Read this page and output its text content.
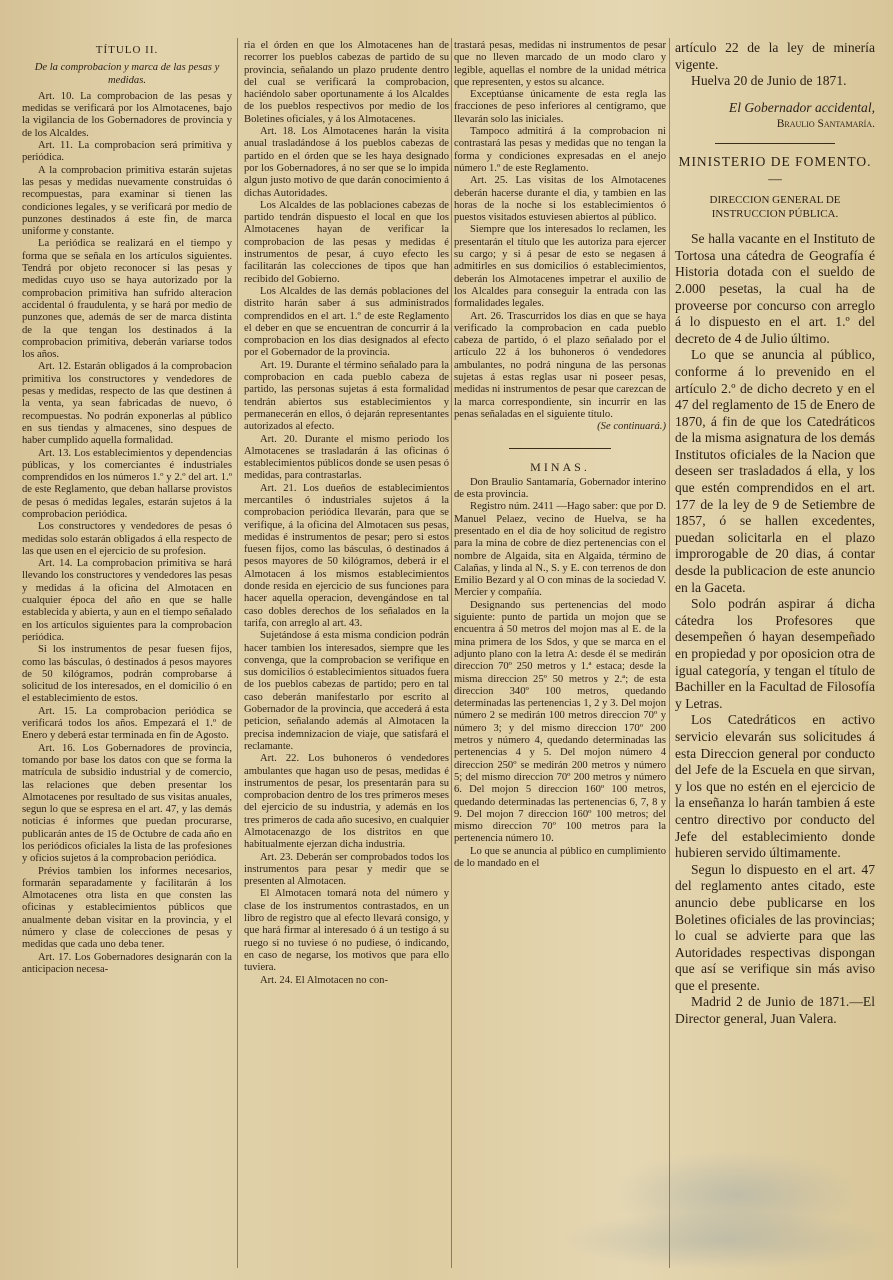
TÍTULO II.

De la comprobacion y marca de las pesas y medidas.

Art. 10. La comprobacion de las pesas y medidas se verificará por los Almotacenes, bajo la vigilancia de los Gobernadores de provincia y de los Alcaldes.

Art. 11. La comprobacion será primitiva y periódica.

A la comprobacion primitiva estarán sujetas las pesas y medidas nuevamente construidas ó recompuestas, para examinar si tienen las condiciones legales, y se verificará por medio de punzones destinados á este fin, de marca uniforme y constante.

La periódica se realizará en el tiempo y forma que se señala en los artículos siguientes. Tendrá por objeto reconocer si las pesas y medidas cuyo uso se haya autorizado por la comprobacion primitiva han sufrido alteracion accidental ó fraudulenta, y se hará por medio de punzones que, además de ser de marca distinta de la que tengan los destinados á la comprobacion primitiva, deberán variarse todos los años.

Art. 12. Estarán obligados á la comprobacion primitiva los constructores y vendedores de pesas y medidas, respecto de las que destinen á la venta, ya sean fabricadas de nuevo, ó recompuestas. No podrán exponerlas al público en sus tiendas y almacenes, sino despues de haber cumplido aquella formalidad.

Art. 13. Los establecimientos y dependencias públicas, y los comerciantes é industriales comprendidos en los números 1.º y 2.º del art. 1.º de este Reglamento, que deban hallarse provistos de pesas ó medidas legales, estarán sujetos á la comprobacion periódica.

Los constructores y vendedores de pesas ó medidas solo estarán obligados á ella respecto de las que usen en el ejercicio de su profesion.

Art. 14. La comprobacion primitiva se hará llevando los constructores y vendedores las pesas y medidas á la oficina del Almotacen en cualquier época del año en que se halle establecida y abierta, y aun en el tiempo señalado en los artículos siguientes para la comprobacion periódica.

Si los instrumentos de pesar fuesen fijos, como las básculas, ó destinados á pesos mayores de 50 kilógramos, podrán comprobarse á solicitud de los interesados, en el domicilio ó en el establecimiento de estos.

Art. 15. La comprobacion periódica se verificará todos los años. Empezará el 1.º de Enero y deberá estar terminada en fin de Agosto.

Art. 16. Los Gobernadores de provincia, tomando por base los datos con que se forma la matrícula de subsidio industrial y de comercio, las relaciones que deben presentar los Almotacenes por resultado de sus visitas anuales, segun lo que se espresa en el art. 47, y las demás noticias é informes que puedan procurarse, publicarán antes de 15 de Octubre de cada año en los periódicos oficiales la lista de las profesiones y oficios sujetos á la comprobacion periódica.

Prévios tambien los informes necesarios, formarán separadamente y facilitarán á los Almotacenes otra lista en que consten las oficinas y establecimientos públicos que anualmente deban visitar en la provincia, y el número y clase de colecciones de pesas y medidas que cada uno deba tener.

Art. 17. Los Gobernadores designarán con la anticipacion necesa-

ria el órden en que los Almotacenes han de recorrer los pueblos cabezas de partido de su provincia, señalando un plazo prudente dentro del cual se verificará la comprobacion, haciéndolo saber oportunamente á los Alcaldes de los pueblos respectivos por medio de los Boletines oficiales, y á los Almotacenes.

Art. 18. Los Almotacenes harán la visita anual trasladándose á los pueblos cabezas de partido en el órden que se les haya designado por los Gobernadores, á no ser que se lo impida algun justo motivo de que darán conocimiento á dichas Autoridades.

Los Alcaldes de las poblaciones cabezas de partido tendrán dispuesto el local en que los Almotacenes hayan de verificar la comprobacion de las pesas y medidas é instrumentos de pesar, á cuyo efecto les facilitarán las colecciones de tipos que han recibido del Gobierno.

Los Alcaldes de las demás poblaciones del distrito harán saber á sus administrados comprendidos en el art. 1.º de este Reglamento el deber en que se encuentran de concurrir á la comprobacion en los dias designados al efecto por el Gobernador de la provincia.

Art. 19. Durante el término señalado para la comprobacion en cada pueblo cabeza de partido, las personas sujetas á esta formalidad tendrán abiertos sus establecimientos y permanecerán en ellos, ó dejarán representantes autorizados al efecto.

Art. 20. Durante el mismo periodo los Almotacenes se trasladarán á las oficinas ó establecimientos públicos donde se usen pesas ó medidas, para contrastarlas.

Art. 21. Los dueños de establecimientos mercantiles ó industriales sujetos á la comprobacion periódica llevarán, para que se verifique, á la oficina del Almotacen sus pesas, medidas é instrumentos de pesar; pero si estos fuesen fijos, como las básculas, ó destinados á pesos mayores de 50 kilógramos, deberá ir el Almotacen á los mismos establecimientos donde resida en ejercicio de sus funciones para hacer aquella operacion, devengándose en tal caso dobles derechos de los señalados en la tarifa, con arreglo al art. 43.

Sujetándose á esta misma condicion podrán hacer tambien los interesados, siempre que les convenga, que la comprobacion se verifique en sus domicilios ó establecimientos situados fuera de los pueblos cabezas de partido; pero en tal caso deberán manifestarlo por escrito al Gobernador de la provincia, que accederá á esta peticion, señalando además al Almotacen la precisa indemnizacion de viaje, que satisfará el reclamante.

Art. 22. Los buhoneros ó vendedores ambulantes que hagan uso de pesas, medidas é instrumentos de pesar, los presentarán para su comprobacion dentro de los tres primeros meses del ejercicio de su industria, y además en los tres primeros de cada año sucesivo, en cualquier Almotacenazgo de los distritos en que habitualmente ejerzan dicha industria.

Art. 23. Deberán ser comprobados todos los instrumentos para pesar y medir que se presenten al Almotacen.

El Almotacen tomará nota del número y clase de los instrumentos contrastados, en un libro de registro que al efecto llevará consigo, y que hará firmar al interesado ó á un testigo á su ruego si no tuviese ó no pudiese, ó indicando, en caso de negarse, los motivos que para ello tuviera.

Art. 24. El Almotacen no con-

trastará pesas, medidas ni instrumentos de pesar que no lleven marcado de un modo claro y legible, aquellas el nombre de la unidad métrica que representen, y estos su alcance.

Exceptúanse únicamente de esta regla las fracciones de peso inferiores al centígramo, que llevarán solo las iniciales.

Tampoco admitirá á la comprobacion ni contrastará las pesas y medidas que no tengan la forma y condiciones expresadas en el anejo número 1.º de este Reglamento.

Art. 25. Las visitas de los Almotacenes deberán hacerse durante el dia, y tambien en las horas de la noche si los establecimientos ó puestos visitados estuviesen abiertos al público.

Siempre que los interesados lo reclamen, les presentarán el título que les autoriza para ejercer su cargo; y si á pesar de esto se negasen á admitirles en sus domicilios ó establecimientos, deberán los Almotacenes impetrar el auxilio de los Alcaldes para conseguir la entrada con las formalidades legales.

Art. 26. Trascurridos los dias en que se haya verificado la comprobacion en cada pueblo cabeza de partido, ó el plazo señalado por el artículo 22 á los buhoneros ó vendedores ambulantes, no podrá ninguna de las personas sujetas á estas reglas usar ni poseer pesas, medidas ni instrumentos de pesar que carezcan de la marca correspondiente, sin incurrir en las penas señaladas en el siguiente título.

(Se continuará.)

MINAS.

Don Braulio Santamaría, Gobernador interino de esta provincia.

Registro núm. 2411 —Hago saber: que por D. Manuel Pelaez, vecino de Huelva, se ha presentado en el dia de hoy solicitud de registro para la mina de cobre de diez pertenencias con el nombre de Algaida, sita en Algaida, término de Calañas, y linda al N., S. y E. con terrenos de don Emilio Bezard y al O con minas de la sociedad V. Mercier y compañía.

Designando sus pertenencias del modo siguiente: punto de partida un mojon que se encuentra á 50 metros del mojon mas al E. de la mina primera de los Sdos, y que se marca en el adjunto plano con la letra A: desde él se medirán direccion 70º 250 metros y 1.ª estaca; desde la misma direccion 25º 50 metros y 2.ª; de esta direccion 340º 100 metros, quedando determinadas las pertenencias 1, 2 y 3. Del mojon número 2 se medirán 100 metros direccion 70º y número 3; y del mismo direccion 170º 200 metros y número 4, quedando determinadas las pertenencias 4 y 5. Del mojon número 4 direccion 250º se medirán 200 metros y número 5; del mismo direccion 70º 200 metros y número 6. Del mojon 5 direccion 160º 100 metros, quedando determinadas las pertenencias 6, 7, 8 y 9. Del mojon 7 direccion 160º 100 metros; del mismo direccion 70º 100 metros para la pertenencia número 10.

Lo que se anuncia al público en cumplimiento de lo mandado en el

artículo 22 de la ley de minería vigente.

Huelva 20 de Junio de 1871.

El Gobernador accidental,

Braulio Santamaría.

MINISTERIO DE FOMENTO.

—

DIRECCION GENERAL DE INSTRUCCION PÚBLICA.

Se halla vacante en el Instituto de Tortosa una cátedra de Geografía é Historia dotada con el sueldo de 2.000 pesetas, la cual ha de proveerse por concurso con arreglo á lo dispuesto en el art. 1.º del decreto de 4 de Julio último.

Lo que se anuncia al público, conforme á lo prevenido en el artículo 2.º de dicho decreto y en el 47 del reglamento de 15 de Enero de 1870, á fin de que los Catedráticos de la misma asignatura de los demás Institutos oficiales de la Nacion que deseen ser trasladados á ella, y los que estén comprendidos en el art. 177 de la ley de 9 de Setiembre de 1857, ó se hallen excedentes, puedan solicitarla en el plazo improrogable de 20 dias, á contar desde la publicacion de este anuncio en la Gaceta.

Solo podrán aspirar á dicha cátedra los Profesores que desempeñen ó hayan desempeñado en propiedad y por oposicion otra de igual categoría, y tengan el título de Bachiller en la Facultad de Filosofía y Letras.

Los Catedráticos en activo servicio elevarán sus solicitudes á esta Direccion general por conducto del Jefe de la Escuela en que sirvan, y los que no estén en el ejercicio de la enseñanza lo harán tambien á este centro directivo por conducto del Jefe del establecimiento donde hubieren servido últimamente.

Segun lo dispuesto en el art. 47 del reglamento antes citado, este anuncio debe publicarse en los Boletines oficiales de las provincias; lo cual se advierte para que las Autoridades respectivas dispongan que así se verifique sin más aviso que el presente.

Madrid 2 de Junio de 1871.—El Director general, Juan Valera.
